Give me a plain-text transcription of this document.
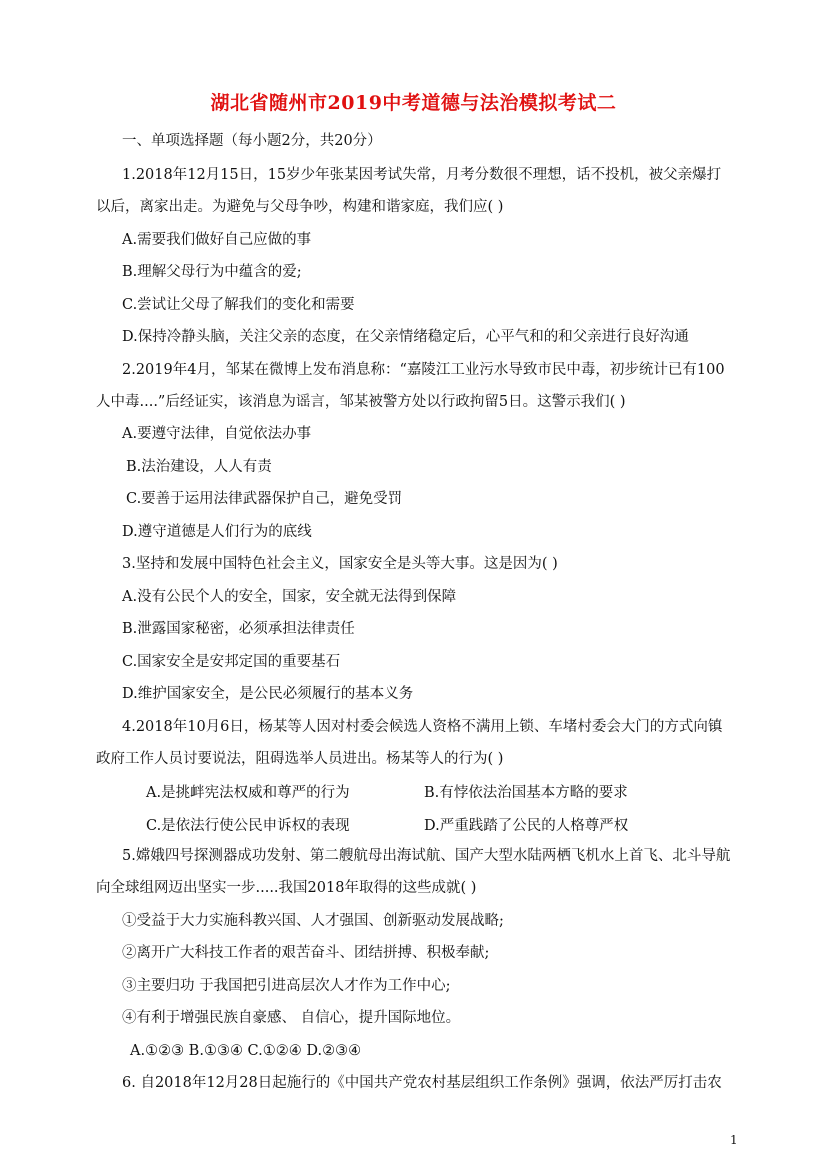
湖北省随州市2019中考道德与法治模拟考试二
一、单项选择题（每小题2分，共20分）
1.2018年12月15日，15岁少年张某因考试失常，月考分数很不理想，话不投机，被父亲爆打
以后，离家出走。为避免与父母争吵，构建和谐家庭，我们应( )
A.需要我们做好自己应做的事
B.理解父母行为中蕴含的爱;
C.尝试让父母了解我们的变化和需要
D.保持冷静头脑，关注父亲的态度，在父亲情绪稳定后，心平气和的和父亲进行良好沟通
2.2019年4月，邹某在微博上发布消息称：“嘉陵江工业污水导致市民中毒，初步统计已有100
人中毒....”后经证实，该消息为谣言，邹某被警方处以行政拘留5日。这警示我们( )
A.要遵守法律，自觉依法办事
B.法治建设，人人有责
C.要善于运用法律武器保护自己，避免受罚
D.遵守道德是人们行为的底线
3.坚持和发展中国特色社会主义，国家安全是头等大事。这是因为( )
A.没有公民个人的安全，国家，安全就无法得到保障
B.泄露国家秘密，必须承担法律责任
C.国家安全是安邦定国的重要基石
D.维护国家安全，是公民必须履行的基本义务
4.2018年10月6日，杨某等人因对村委会候选人资格不满用上锁、车堵村委会大门的方式向镇
政府工作人员讨要说法，阻碍选举人员进出。杨某等人的行为( )
A.是挑衅宪法权威和尊严的行为	B.有悖依法治国基本方略的要求
C.是依法行使公民申诉权的表现	D.严重践踏了公民的人格尊严权
5.嫦娥四号探测器成功发射、第二艘航母出海试航、国产大型水陆两栖飞机水上首飞、北斗导航
向全球组网迈出坚实一步.....我国2018年取得的这些成就( )
①受益于大力实施科教兴国、人才强国、创新驱动发展战略;
②离开广大科技工作者的艰苦奋斗、团结拼搏、积极奉献;
③主要归功 于我国把引进高层次人才作为工作中心;
④有利于增强民族自豪感、 自信心，提升国际地位。
A.①②③ B.①③④ C.①②④ D.②③④
6. 自2018年12月28日起施行的《中国共产党农村基层组织工作条例》强调，依法严厉打击农
1
